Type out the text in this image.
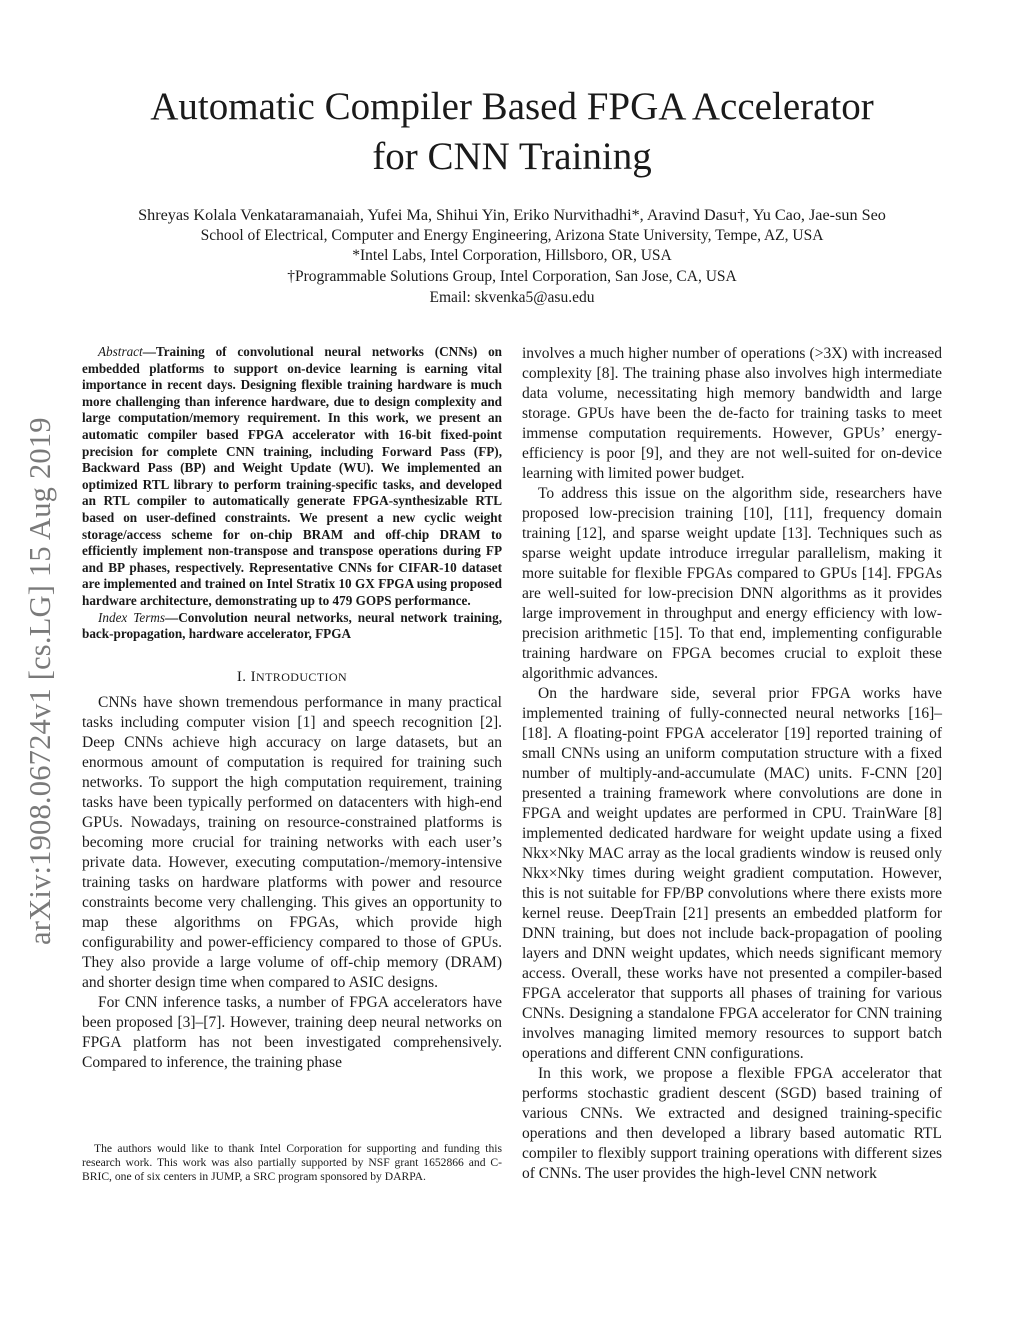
arXiv:1908.06724v1 [cs.LG] 15 Aug 2019
Automatic Compiler Based FPGA Accelerator
for CNN Training
Shreyas Kolala Venkataramanaiah, Yufei Ma, Shihui Yin, Eriko Nurvithadhi*, Aravind Dasu†, Yu Cao, Jae-sun Seo
School of Electrical, Computer and Energy Engineering, Arizona State University, Tempe, AZ, USA
*Intel Labs, Intel Corporation, Hillsboro, OR, USA
†Programmable Solutions Group, Intel Corporation, San Jose, CA, USA
Email: skvenka5@asu.edu

Abstract—Training of convolutional neural networks (CNNs) on embedded platforms to support on-device learning is earning vital importance in recent days. Designing flexible training hardware is much more challenging than inference hardware, due to design complexity and large computation/memory requirement. In this work, we present an automatic compiler based FPGA accelerator with 16-bit fixed-point precision for complete CNN training, including Forward Pass (FP), Backward Pass (BP) and Weight Update (WU). We implemented an optimized RTL library to perform training-specific tasks, and developed an RTL compiler to automatically generate FPGA-synthesizable RTL based on user-defined constraints. We present a new cyclic weight storage/access scheme for on-chip BRAM and off-chip DRAM to efficiently implement non-transpose and transpose operations during FP and BP phases, respectively. Representative CNNs for CIFAR-10 dataset are implemented and trained on Intel Stratix 10 GX FPGA using proposed hardware architecture, demonstrating up to 479 GOPS performance.

Index Terms—Convolution neural networks, neural network training, back-propagation, hardware accelerator, FPGA

I. INTRODUCTION

CNNs have shown tremendous performance in many practical tasks including computer vision [1] and speech recognition [2]. Deep CNNs achieve high accuracy on large datasets, but an enormous amount of computation is required for training such networks. To support the high computation requirement, training tasks have been typically performed on datacenters with high-end GPUs. Nowadays, training on resource-constrained platforms is becoming more crucial for training networks with each user’s private data. However, executing computation-/memory-intensive training tasks on hardware platforms with power and resource constraints become very challenging. This gives an opportunity to map these algorithms on FPGAs, which provide high configurability and power-efficiency compared to those of GPUs. They also provide a large volume of off-chip memory (DRAM) and shorter design time when compared to ASIC designs.

For CNN inference tasks, a number of FPGA accelerators have been proposed [3]–[7]. However, training deep neural networks on FPGA platform has not been investigated comprehensively. Compared to inference, the training phase

The authors would like to thank Intel Corporation for supporting and funding this research work. This work was also partially supported by NSF grant 1652866 and C-BRIC, one of six centers in JUMP, a SRC program sponsored by DARPA.

involves a much higher number of operations (>3X) with increased complexity [8]. The training phase also involves high intermediate data volume, necessitating high memory bandwidth and large storage. GPUs have been the de-facto for training tasks to meet immense computation requirements. However, GPUs’ energy-efficiency is poor [9], and they are not well-suited for on-device learning with limited power budget.

To address this issue on the algorithm side, researchers have proposed low-precision training [10], [11], frequency domain training [12], and sparse weight update [13]. Techniques such as sparse weight update introduce irregular parallelism, making it more suitable for flexible FPGAs compared to GPUs [14]. FPGAs are well-suited for low-precision DNN algorithms as it provides large improvement in throughput and energy efficiency with low-precision arithmetic [15]. To that end, implementing configurable training hardware on FPGA becomes crucial to exploit these algorithmic advances.

On the hardware side, several prior FPGA works have implemented training of fully-connected neural networks [16]–[18]. A floating-point FPGA accelerator [19] reported training of small CNNs using an uniform computation structure with a fixed number of multiply-and-accumulate (MAC) units. F-CNN [20] presented a training framework where convolutions are done in FPGA and weight updates are performed in CPU. TrainWare [8] implemented dedicated hardware for weight update using a fixed Nkx×Nky MAC array as the local gradients window is reused only Nkx×Nky times during weight gradient computation. However, this is not suitable for FP/BP convolutions where there exists more kernel reuse. DeepTrain [21] presents an embedded platform for DNN training, but does not include back-propagation of pooling layers and DNN weight updates, which needs significant memory access. Overall, these works have not presented a compiler-based FPGA accelerator that supports all phases of training for various CNNs. Designing a standalone FPGA accelerator for CNN training involves managing limited memory resources to support batch operations and different CNN configurations.

In this work, we propose a flexible FPGA accelerator that performs stochastic gradient descent (SGD) based training of various CNNs. We extracted and designed training-specific operations and then developed a library based automatic RTL compiler to flexibly support training operations with different sizes of CNNs. The user provides the high-level CNN network
